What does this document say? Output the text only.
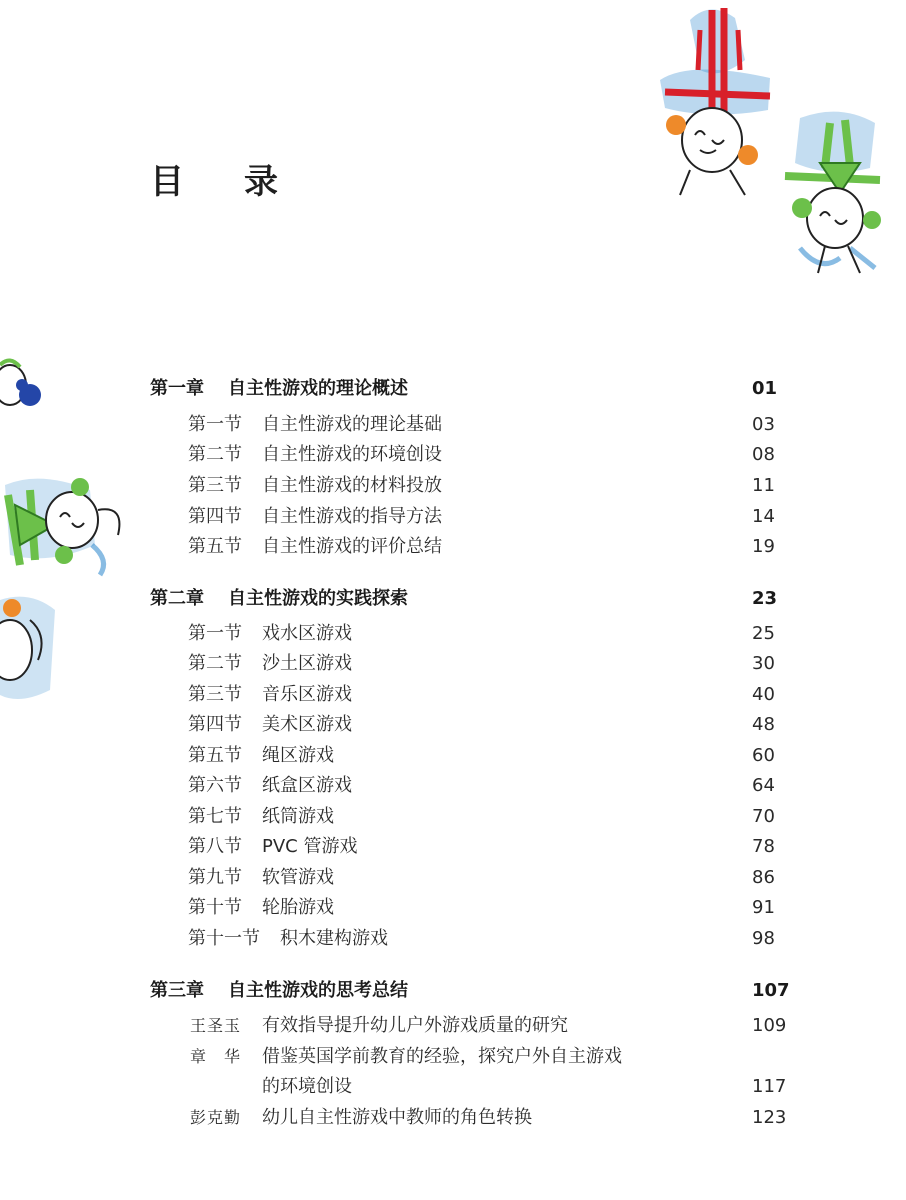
目 录
第一章 自主性游戏的理论概述	01
第一节 自主性游戏的理论基础	03
第二节 自主性游戏的环境创设	08
第三节 自主性游戏的材料投放	11
第四节 自主性游戏的指导方法	14
第五节 自主性游戏的评价总结	19
第二章 自主性游戏的实践探索	23
第一节 戏水区游戏	25
第二节 沙土区游戏	30
第三节 音乐区游戏	40
第四节 美术区游戏	48
第五节 绳区游戏	60
第六节 纸盒区游戏	64
第七节 纸筒游戏	70
第八节 PVC 管游戏	78
第九节 软管游戏	86
第十节 轮胎游戏	91
第十一节 积木建构游戏	98
第三章 自主性游戏的思考总结	107
王圣玉 有效指导提升幼儿户外游戏质量的研究	109
章　华 借鉴英国学前教育的经验，探究户外自主游戏
的环境创设	117
彭克勤 幼儿自主性游戏中教师的角色转换	123
